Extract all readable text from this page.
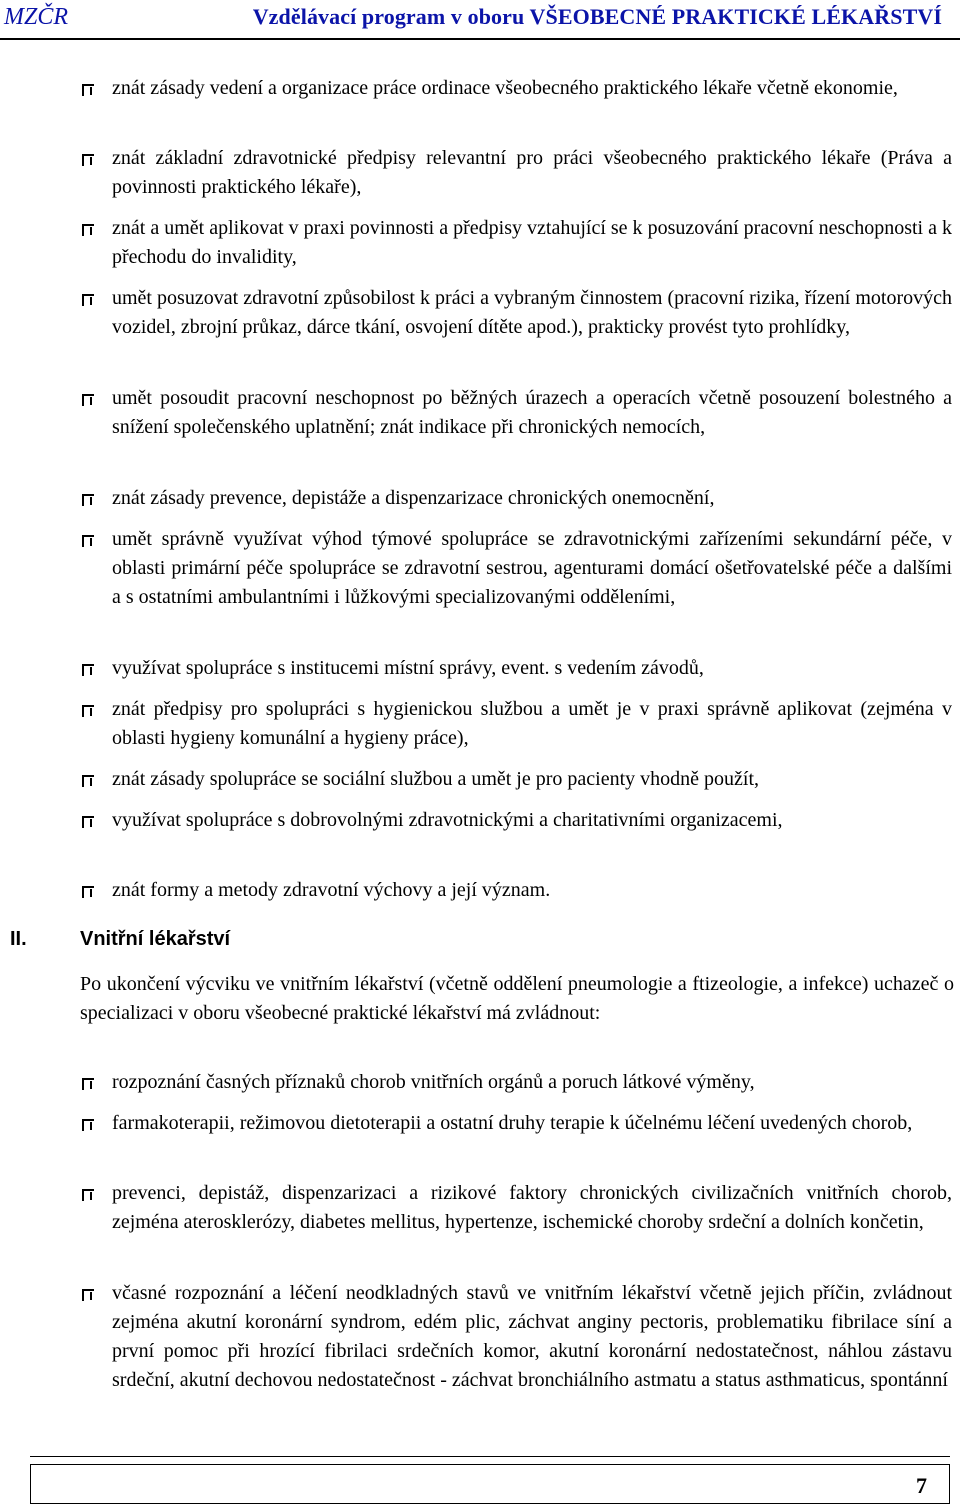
MZČR	Vzdělávací program v oboru VŠEOBECNÉ PRAKTICKÉ LÉKAŘSTVÍ
znát zásady vedení a organizace práce ordinace všeobecného praktického lékaře včetně ekonomie,
znát základní zdravotnické předpisy relevantní pro práci všeobecného praktického lékaře (Práva a povinnosti praktického lékaře),
znát a umět aplikovat v praxi povinnosti a předpisy vztahující se k posuzování pracovní neschopnosti a k přechodu do invalidity,
umět posuzovat zdravotní způsobilost k práci a vybraným činnostem (pracovní rizika, řízení motorových vozidel, zbrojní průkaz, dárce tkání, osvojení dítěte apod.), prakticky provést tyto prohlídky,
umět posoudit pracovní neschopnost po běžných úrazech a operacích včetně posouzení bolestného a snížení společenského uplatnění; znát indikace při chronických nemocích,
znát zásady prevence, depistáže a dispenzarizace chronických onemocnění,
umět správně využívat výhod týmové spolupráce se zdravotnickými zařízeními sekundární péče, v oblasti primární péče spolupráce se zdravotní sestrou, agenturami domácí ošetřovatelské péče a dalšími a s ostatními ambulantními i lůžkovými specializovanými odděleními,
využívat spolupráce s institucemi místní správy, event. s vedením závodů,
znát předpisy pro spolupráci s hygienickou službou a umět je v praxi správně aplikovat (zejména v oblasti hygieny komunální a hygieny práce),
znát zásady spolupráce se sociální službou a umět je pro pacienty vhodně použít,
využívat spolupráce s dobrovolnými zdravotnickými a charitativními organizacemi,
znát formy a metody zdravotní výchovy a její význam.
II.	Vnitřní lékařství
Po ukončení výcviku ve vnitřním lékařství (včetně oddělení pneumologie a ftizeologie, a infekce) uchazeč o specializaci v oboru všeobecné praktické lékařství má zvládnout:
rozpoznání časných příznaků chorob vnitřních orgánů a poruch látkové výměny,
farmakoterapii, režimovou dietoterapii a ostatní druhy terapie k účelnému léčení uvedených chorob,
prevenci, depistáž, dispenzarizaci a rizikové faktory chronických civilizačních vnitřních chorob, zejména aterosklerózy, diabetes mellitus, hypertenze, ischemické choroby srdeční a dolních končetin,
včasné rozpoznání a léčení neodkladných stavů ve vnitřním lékařství včetně jejich příčin, zvládnout zejména akutní koronární syndrom, edém plic, záchvat anginy pectoris, problematiku fibrilace síní a první pomoc při hrozící fibrilaci srdečních komor, akutní koronární nedostatečnost, náhlou zástavu srdeční, akutní dechovou nedostatečnost - záchvat bronchiálního astmatu a status asthmaticus, spontánní
7
